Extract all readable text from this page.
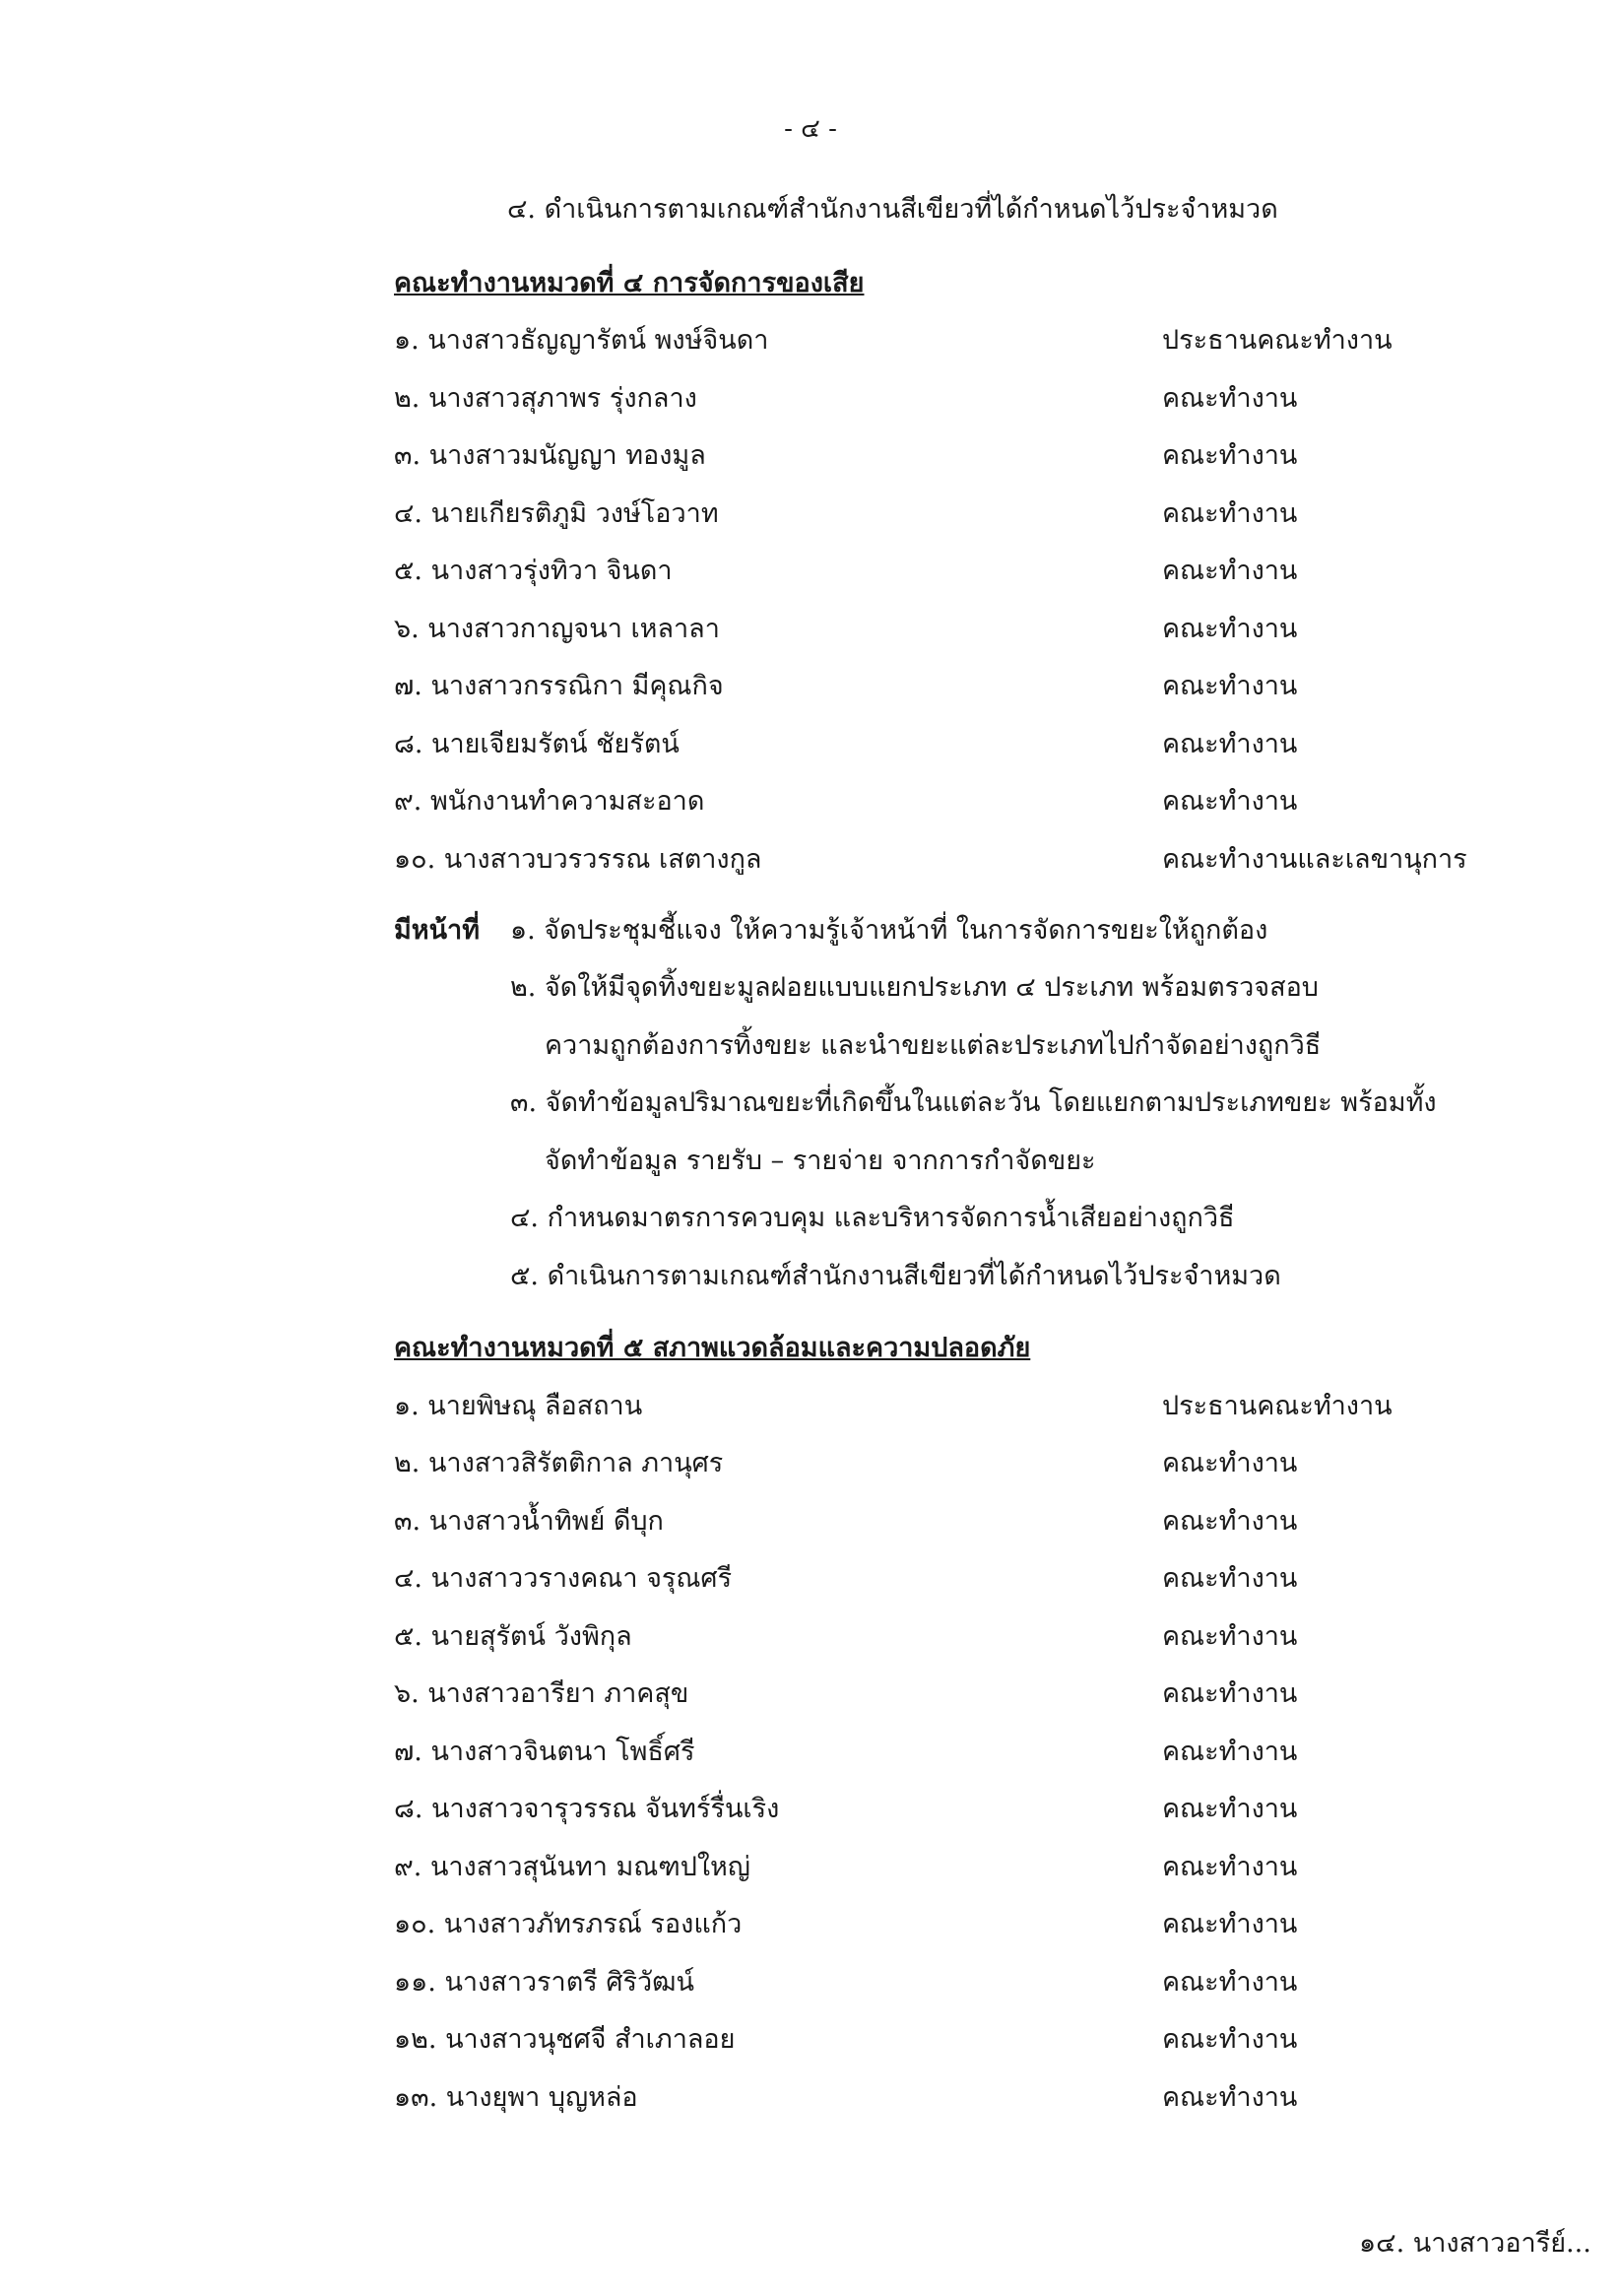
- ๔ -
๔. ดำเนินการตามเกณฑ์สำนักงานสีเขียวที่ได้กำหนดไว้ประจำหมวด
คณะทำงานหมวดที่ ๔ การจัดการของเสีย
๑. นางสาวธัญญารัตน์ พงษ์จินดา	ประธานคณะทำงาน
๒. นางสาวสุภาพร รุ่งกลาง	คณะทำงาน
๓. นางสาวมนัญญา ทองมูล	คณะทำงาน
๔. นายเกียรติภูมิ วงษ์โอวาท	คณะทำงาน
๕. นางสาวรุ่งทิวา จินดา	คณะทำงาน
๖. นางสาวกาญจนา เหลาลา	คณะทำงาน
๗. นางสาวกรรณิกา มีคุณกิจ	คณะทำงาน
๘. นายเจียมรัตน์ ชัยรัตน์	คณะทำงาน
๙. พนักงานทำความสะอาด	คณะทำงาน
๑๐. นางสาวบวรวรรณ เสตางกูล	คณะทำงานและเลขานุการ
มีหน้าที่ ๑. จัดประชุมชี้แจง ให้ความรู้เจ้าหน้าที่ ในการจัดการขยะให้ถูกต้อง
๒. จัดให้มีจุดทิ้งขยะมูลฝอยแบบแยกประเภท ๔ ประเภท พร้อมตรวจสอบ
ความถูกต้องการทิ้งขยะ และนำขยะแต่ละประเภทไปกำจัดอย่างถูกวิธี
๓. จัดทำข้อมูลปริมาณขยะที่เกิดขึ้นในแต่ละวัน โดยแยกตามประเภทขยะ พร้อมทั้ง
จัดทำข้อมูล รายรับ – รายจ่าย จากการกำจัดขยะ
๔. กำหนดมาตรการควบคุม และบริหารจัดการน้ำเสียอย่างถูกวิธี
๕. ดำเนินการตามเกณฑ์สำนักงานสีเขียวที่ได้กำหนดไว้ประจำหมวด
คณะทำงานหมวดที่ ๕ สภาพแวดล้อมและความปลอดภัย
๑. นายพิษณุ ลือสถาน	ประธานคณะทำงาน
๒. นางสาวสิรัตติกาล ภานุศร	คณะทำงาน
๓. นางสาวน้ำทิพย์ ดีบุก	คณะทำงาน
๔. นางสาววรางคณา จรุณศรี	คณะทำงาน
๕. นายสุรัตน์ วังพิกุล	คณะทำงาน
๖. นางสาวอารียา ภาคสุข	คณะทำงาน
๗. นางสาวจินตนา โพธิ์ศรี	คณะทำงาน
๘. นางสาวจารุวรรณ จันทร์รื่นเริง	คณะทำงาน
๙. นางสาวสุนันทา มณฑปใหญ่	คณะทำงาน
๑๐. นางสาวภัทรภรณ์ รองแก้ว	คณะทำงาน
๑๑. นางสาวราตรี ศิริวัฒน์	คณะทำงาน
๑๒. นางสาวนุชศจี สำเภาลอย	คณะทำงาน
๑๓. นางยุพา บุญหล่อ	คณะทำงาน
๑๔. นางสาวอารีย์...
